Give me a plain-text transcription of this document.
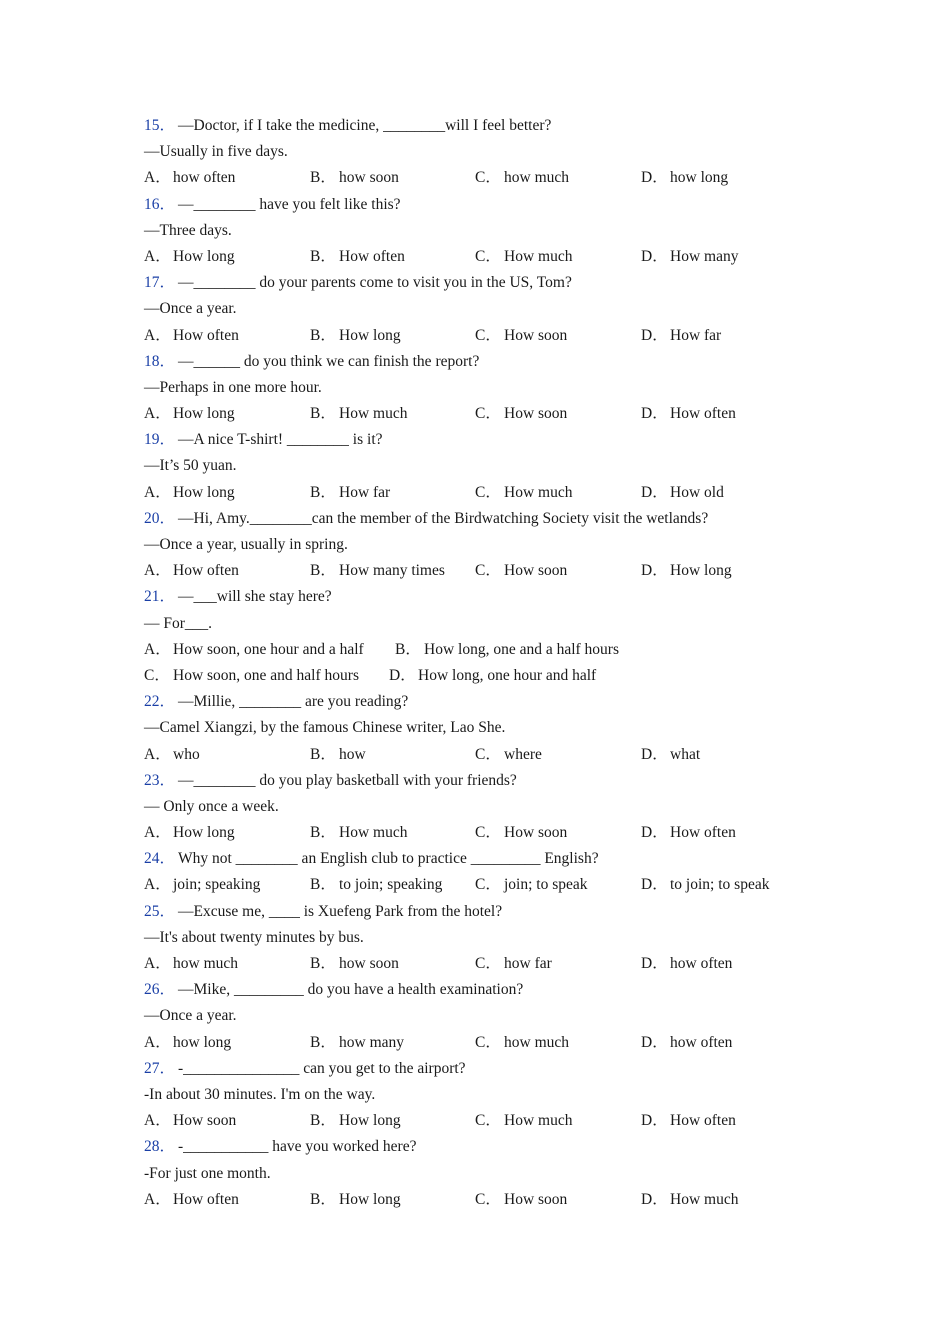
15． —Doctor, if I take the medicine, ________will I feel better?
—Usually in five days.
A． how often	B． how soon	C． how much	D． how long
16． —________ have you felt like this?
—Three days.
A． How long	B． How often	C． How much	D． How many
17． —________ do your parents come to visit you in the US, Tom?
—Once a year.
A． How often	B． How long	C． How soon	D． How far
18． —______ do you think we can finish the report?
—Perhaps in one more hour.
A． How long	B． How much	C． How soon	D． How often
19． —A nice T-shirt! ________ is it?
—It’s 50 yuan.
A． How long	B． How far	C． How much	D． How old
20． —Hi, Amy.________can the member of the Birdwatching Society visit the wetlands?
—Once a year, usually in spring.
A． How often	B． How many times C． How soon	D． How long
21． —___will she stay here?
— For___.
A． How soon, one hour and a half B． How long, one and a half hours
C． How soon, one and half hours D． How long, one hour and half
22． —Millie, ________ are you reading?
—Camel Xiangzi, by the famous Chinese writer, Lao She.
A． who	B． how	C． where	D． what
23． —________ do you play basketball with your friends?
— Only once a week.
A． How long	B． How much	C． How soon	D． How often
24． Why not ________ an English club to practice _________ English?
A． join; speaking	B． to join; speaking C． join; to speak	D． to join; to speak
25． —Excuse me, ____ is Xuefeng Park from the hotel?
—It's about twenty minutes by bus.
A． how much	B． how soon	C． how far	D． how often
26． —Mike, _________ do you have a health examination?
—Once a year.
A． how long	B． how many	C． how much	D． how often
27． -_______________ can you get to the airport?
-In about 30 minutes. I'm on the way.
A． How soon	B． How long	C． How much	D． How often
28． -___________ have you worked here?
-For just one month.
A． How often	B． How long	C． How soon	D． How much
